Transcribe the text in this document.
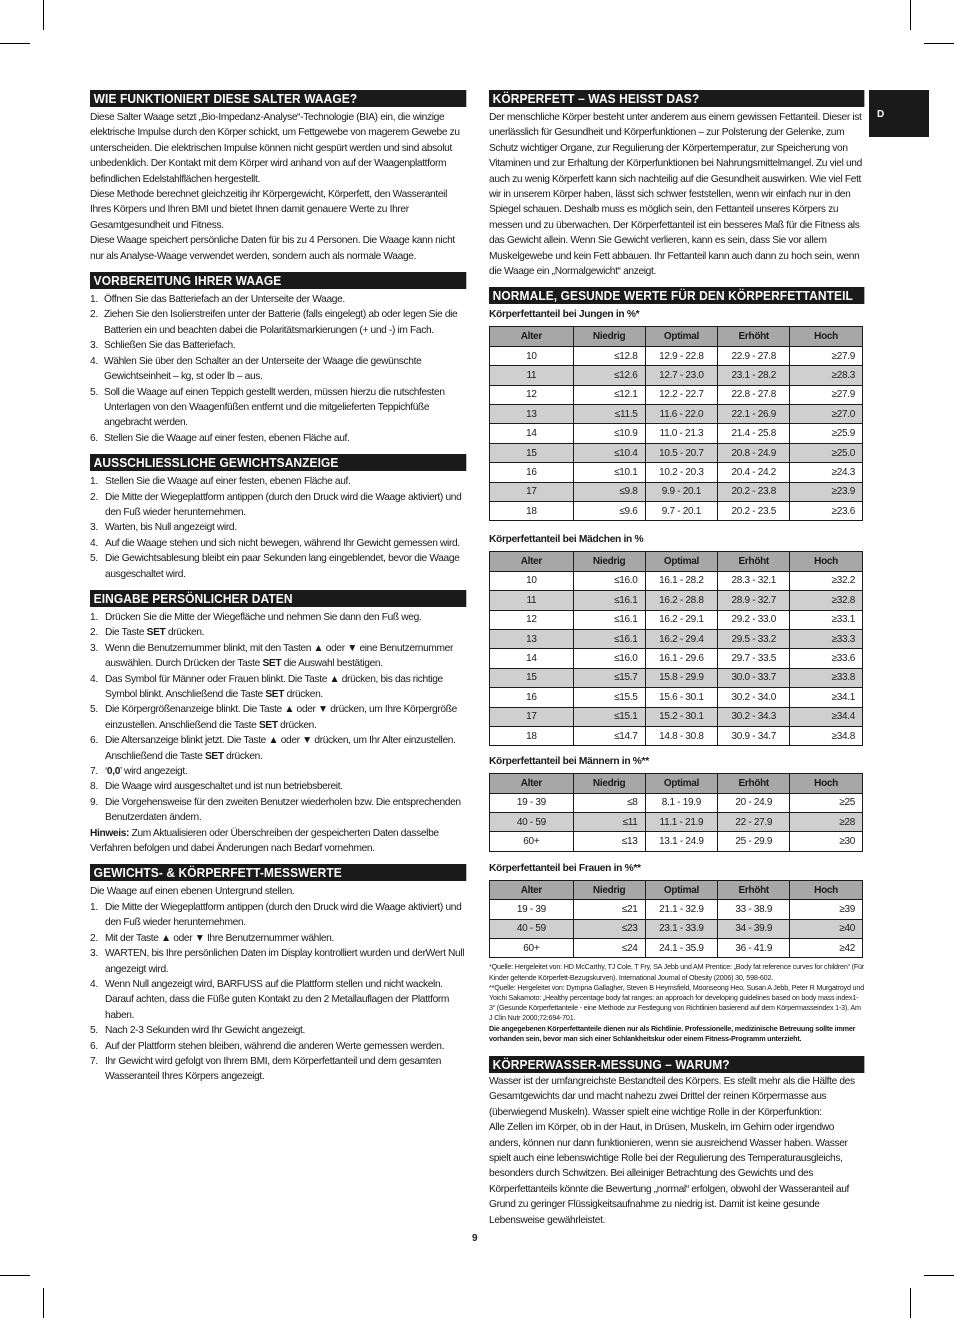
D
WIE FUNKTIONIERT DIESE SALTER WAAGE?
Diese Salter Waage setzt „Bio-Impedanz-Analyse“-Technologie (BIA) ein, die winzige elektrische Impulse durch den Körper schickt, um Fettgewebe von magerem Gewebe zu unterscheiden. Die elektrischen Impulse können nicht gespürt werden und sind absolut unbedenklich. Der Kontakt mit dem Körper wird anhand von auf der Waagenplattform befindlichen Edelstahlflächen hergestellt.
Diese Methode berechnet gleichzeitig ihr Körpergewicht, Körperfett, den Wasseranteil Ihres Körpers und Ihren BMI und bietet Ihnen damit genauere Werte zu Ihrer Gesamtgesundheit und Fitness.
Diese Waage speichert persönliche Daten für bis zu 4 Personen. Die Waage kann nicht nur als Analyse-Waage verwendet werden, sondern auch als normale Waage.
VORBEREITUNG IHRER WAAGE
1. Öffnen Sie das Batteriefach an der Unterseite der Waage.
2. Ziehen Sie den Isolierstreifen unter der Batterie (falls eingelegt) ab oder legen Sie die Batterien ein und beachten dabei die Polaritätsmarkierungen (+ und -) im Fach.
3. Schließen Sie das Batteriefach.
4. Wählen Sie über den Schalter an der Unterseite der Waage die gewünschte Gewichtseinheit – kg, st oder lb – aus.
5. Soll die Waage auf einen Teppich gestellt werden, müssen hierzu die rutschfesten Unterlagen von den Waagenfüßen entfernt und die mitgelieferten Teppichfüße angebracht werden.
6. Stellen Sie die Waage auf einer festen, ebenen Fläche auf.
AUSSCHLIESSLICHE GEWICHTSANZEIGE
1. Stellen Sie die Waage auf einer festen, ebenen Fläche auf.
2. Die Mitte der Wiegeplattform antippen (durch den Druck wird die Waage aktiviert) und den Fuß wieder herunternehmen.
3. Warten, bis Null angezeigt wird.
4. Auf die Waage stehen und sich nicht bewegen, während Ihr Gewicht gemessen wird.
5. Die Gewichtsablesung bleibt ein paar Sekunden lang eingeblendet, bevor die Waage ausgeschaltet wird.
EINGABE PERSÖNLICHER DATEN
1. Drücken Sie die Mitte der Wiegefläche und nehmen Sie dann den Fuß weg.
2. Die Taste SET drücken.
3. Wenn die Benutzernummer blinkt, mit den Tasten ▲ oder ▼ eine Benutzernummer auswählen. Durch Drücken der Taste SET die Auswahl bestätigen.
4. Das Symbol für Männer oder Frauen blinkt. Die Taste ▲ drücken, bis das richtige Symbol blinkt. Anschließend die Taste SET drücken.
5. Die Körpergrößenanzeige blinkt. Die Taste ▲ oder ▼ drücken, um Ihre Körpergröße einzustellen. Anschließend die Taste SET drücken.
6. Die Altersanzeige blinkt jetzt. Die Taste ▲ oder ▼ drücken, um Ihr Alter einzustellen. Anschließend die Taste SET drücken.
7. ‘0,0’ wird angezeigt.
8. Die Waage wird ausgeschaltet und ist nun betriebsbereit.
9. Die Vorgehensweise für den zweiten Benutzer wiederholen bzw. Die entsprechenden Benutzerdaten ändern.
Hinweis: Zum Aktualisieren oder Überschreiben der gespeicherten Daten dasselbe Verfahren befolgen und dabei Änderungen nach Bedarf vornehmen.
GEWICHTS- & KÖRPERFETT-MESSWERTE
Die Waage auf einen ebenen Untergrund stellen.
1. Die Mitte der Wiegeplattform antippen (durch den Druck wird die Waage aktiviert) und den Fuß wieder herunternehmen.
2. Mit der Taste ▲ oder ▼ Ihre Benutzernummer wählen.
3. WARTEN, bis Ihre persönlichen Daten im Display kontrolliert wurden und derWert Null angezeigt wird.
4. Wenn Null angezeigt wird, BARFUSS auf die Plattform stellen und nicht wackeln. Darauf achten, dass die Füße guten Kontakt zu den 2 Metallauflagen der Plattform haben.
5. Nach 2-3 Sekunden wird Ihr Gewicht angezeigt.
6. Auf der Plattform stehen bleiben, während die anderen Werte gemessen werden.
7. Ihr Gewicht wird gefolgt von Ihrem BMI, dem Körperfettanteil und dem gesamten Wasseranteil Ihres Körpers angezeigt.
KÖRPERFETT – WAS HEISST DAS?
Der menschliche Körper besteht unter anderem aus einem gewissen Fettanteil. Dieser ist unerlässlich für Gesundheit und Körperfunktionen – zur Polsterung der Gelenke, zum Schutz wichtiger Organe, zur Regulierung der Körpertemperatur, zur Speicherung von Vitaminen und zur Erhaltung der Körperfunktionen bei Nahrungsmittelmangel. Zu viel und auch zu wenig Körperfett kann sich nachteilig auf die Gesundheit auswirken. Wie viel Fett wir in unserem Körper haben, lässt sich schwer feststellen, wenn wir einfach nur in den Spiegel schauen. Deshalb muss es möglich sein, den Fettanteil unseres Körpers zu messen und zu überwachen. Der Körperfettanteil ist ein besseres Maß für die Fitness als das Gewicht allein. Wenn Sie Gewicht verlieren, kann es sein, dass Sie vor allem Muskelgewebe und kein Fett abbauen. Ihr Fettanteil kann auch dann zu hoch sein, wenn die Waage ein „Normalgewicht“ anzeigt.
NORMALE, GESUNDE WERTE FÜR DEN KÖRPERFETTANTEIL
Körperfettanteil bei Jungen in %*
Alter	Niedrig	Optimal	Erhöht	Hoch
10	≤12.8	12.9 - 22.8	22.9 - 27.8	≥27.9
11	≤12.6	12.7 - 23.0	23.1 - 28.2	≥28.3
12	≤12.1	12.2 - 22.7	22.8 - 27.8	≥27.9
13	≤11.5	11.6 - 22.0	22.1 - 26.9	≥27.0
14	≤10.9	11.0 - 21.3	21.4 - 25.8	≥25.9
15	≤10.4	10.5 - 20.7	20.8 - 24.9	≥25.0
16	≤10.1	10.2 - 20.3	20.4 - 24.2	≥24.3
17	≤9.8	9.9 - 20.1	20.2 - 23.8	≥23.9
18	≤9.6	9.7 - 20.1	20.2 - 23.5	≥23.6
Körperfettanteil bei Mädchen in %
Alter	Niedrig	Optimal	Erhöht	Hoch
10	≤16.0	16.1 - 28.2	28.3 - 32.1	≥32.2
11	≤16.1	16.2 - 28.8	28.9 - 32.7	≥32.8
12	≤16.1	16.2 - 29.1	29.2 - 33.0	≥33.1
13	≤16.1	16.2 - 29.4	29.5 - 33.2	≥33.3
14	≤16.0	16.1 - 29.6	29.7 - 33.5	≥33.6
15	≤15.7	15.8 - 29.9	30.0 - 33.7	≥33.8
16	≤15.5	15.6 - 30.1	30.2 - 34.0	≥34.1
17	≤15.1	15.2 - 30.1	30.2 - 34.3	≥34.4
18	≤14.7	14.8 - 30.8	30.9 - 34.7	≥34.8
Körperfettanteil bei Männern in %**
Alter	Niedrig	Optimal	Erhöht	Hoch
19 - 39	≤8	8.1 - 19.9	20 - 24.9	≥25
40 - 59	≤11	11.1 - 21.9	22 - 27.9	≥28
60+	≤13	13.1 - 24.9	25 - 29.9	≥30
Körperfettanteil bei Frauen in %**
Alter	Niedrig	Optimal	Erhöht	Hoch
19 - 39	≤21	21.1 - 32.9	33 - 38.9	≥39
40 - 59	≤23	23.1 - 33.9	34 - 39.9	≥40
60+	≤24	24.1 - 35.9	36 - 41.9	≥42
*Quelle: Hergeleitet von: HD McCarthy, TJ Cole, T Fry, SA Jebb und AM Prentice: „Body fat reference curves for children“ (Für Kinder geltende Körperfett-Bezugskurven). International Journal of Obesity (2006) 30, 598-602.
**Quelle: Hergeleitet von: Dympna Gallagher, Steven B Heymsfield, Moonseong Heo, Susan A Jebb, Peter R Murgatroyd und Yoichi Sakamoto: „Healthy percentage body fat ranges: an approach for developing guidelines based on body mass index1-3“ (Gesunde Körperfettanteile - eine Methode zur Festlegung von Richtlinien basierend auf dem Körpermasseindex 1-3). Am J Clin Nutr 2000;72:694-701.
Die angegebenen Körperfettanteile dienen nur als Richtlinie. Professionelle, medizinische Betreuung sollte immer vorhanden sein, bevor man sich einer Schlankheitskur oder einem Fitness-Programm unterzieht.
KÖRPERWASSER-MESSUNG – WARUM?
Wasser ist der umfangreichste Bestandteil des Körpers. Es stellt mehr als die Hälfte des Gesamtgewichts dar und macht nahezu zwei Drittel der reinen Körpermasse aus (überwiegend Muskeln). Wasser spielt eine wichtige Rolle in der Körperfunktion:
Alle Zellen im Körper, ob in der Haut, in Drüsen, Muskeln, im Gehirn oder irgendwo anders, können nur dann funktionieren, wenn sie ausreichend Wasser haben. Wasser spielt auch eine lebenswichtige Rolle bei der Regulierung des Temperaturausgleichs, besonders durch Schwitzen. Bei alleiniger Betrachtung des Gewichts und des Körperfettanteils könnte die Bewertung „normal“ erfolgen, obwohl der Wasseranteil auf Grund zu geringer Flüssigkeitsaufnahme zu niedrig ist. Damit ist keine gesunde Lebensweise gewährleistet.
9
